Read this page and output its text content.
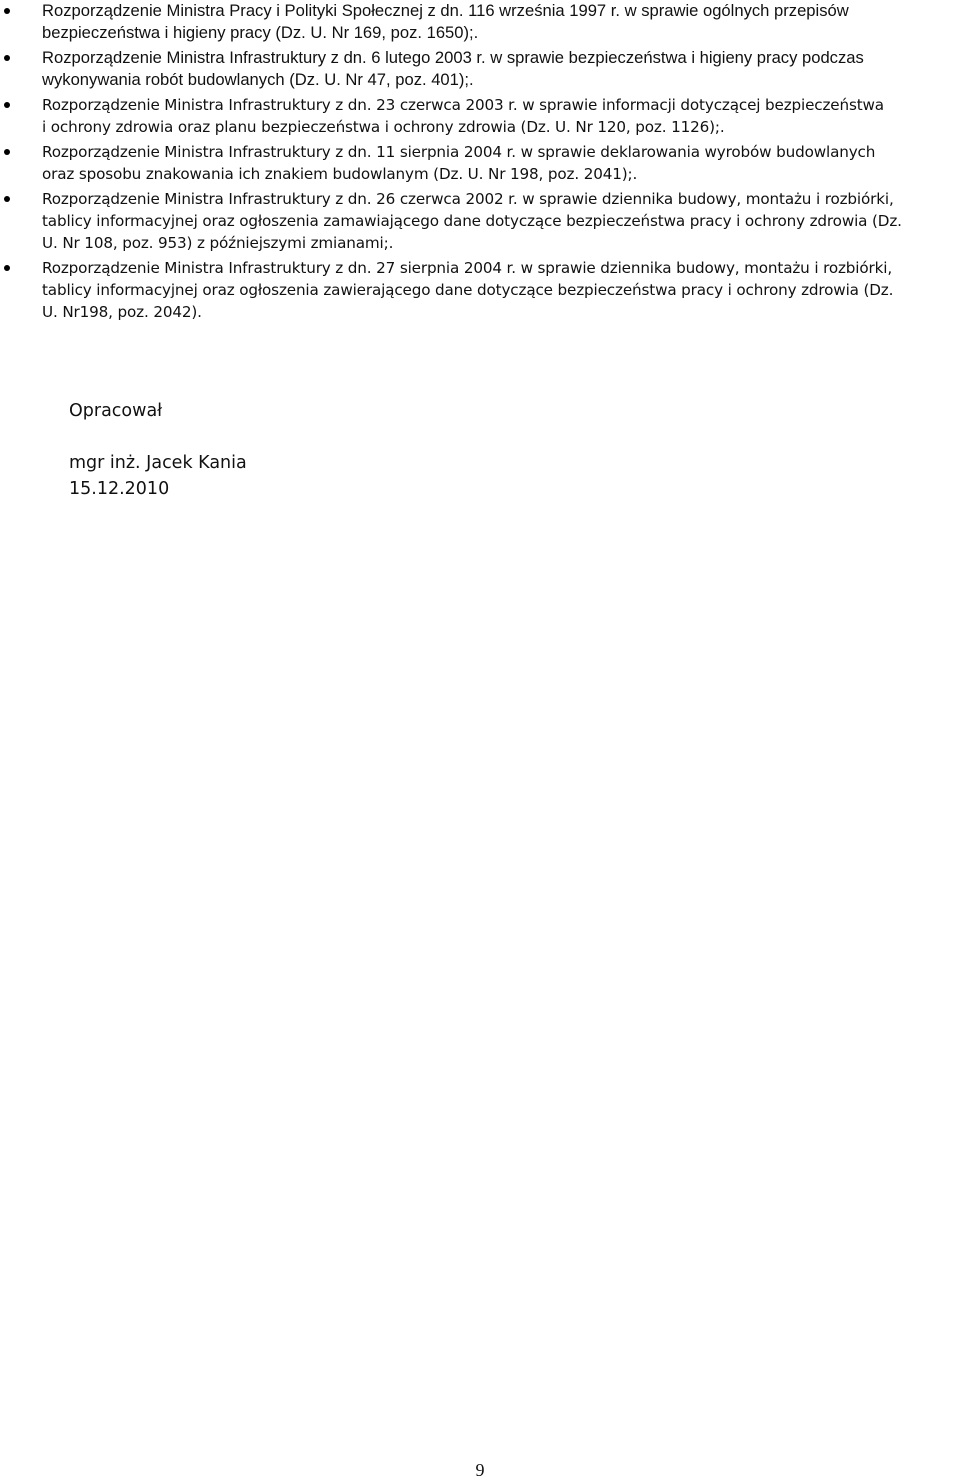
Rozporządzenie Ministra Pracy i Polityki Społecznej z dn. 116 września 1997 r. w sprawie ogólnych przepisów
bezpieczeństwa i higieny pracy (Dz. U. Nr 169, poz. 1650);.
Rozporządzenie Ministra Infrastruktury z dn. 6 lutego 2003 r. w sprawie bezpieczeństwa i higieny pracy podczas
wykonywania robót budowlanych (Dz. U. Nr 47, poz. 401);.
Rozporządzenie Ministra Infrastruktury z dn. 23 czerwca 2003 r. w sprawie informacji dotyczącej bezpieczeństwa
i ochrony zdrowia oraz planu bezpieczeństwa i ochrony zdrowia (Dz. U. Nr 120, poz. 1126);.
Rozporządzenie Ministra Infrastruktury z dn. 11 sierpnia 2004 r. w sprawie deklarowania wyrobów budowlanych
oraz sposobu znakowania ich znakiem budowlanym (Dz. U. Nr 198, poz. 2041);.
Rozporządzenie Ministra Infrastruktury z dn. 26 czerwca 2002 r. w sprawie dziennika budowy, montażu i rozbiórki,
tablicy informacyjnej oraz ogłoszenia zamawiającego dane dotyczące bezpieczeństwa pracy i ochrony zdrowia (Dz.
U. Nr 108, poz. 953) z późniejszymi zmianami;.
Rozporządzenie Ministra Infrastruktury z dn. 27 sierpnia 2004 r. w sprawie dziennika budowy, montażu i rozbiórki,
tablicy informacyjnej oraz ogłoszenia zawierającego dane dotyczące bezpieczeństwa pracy i ochrony zdrowia (Dz.
U. Nr198, poz. 2042).

Opracował

mgr inż. Jacek Kania

15.12.2010

9
